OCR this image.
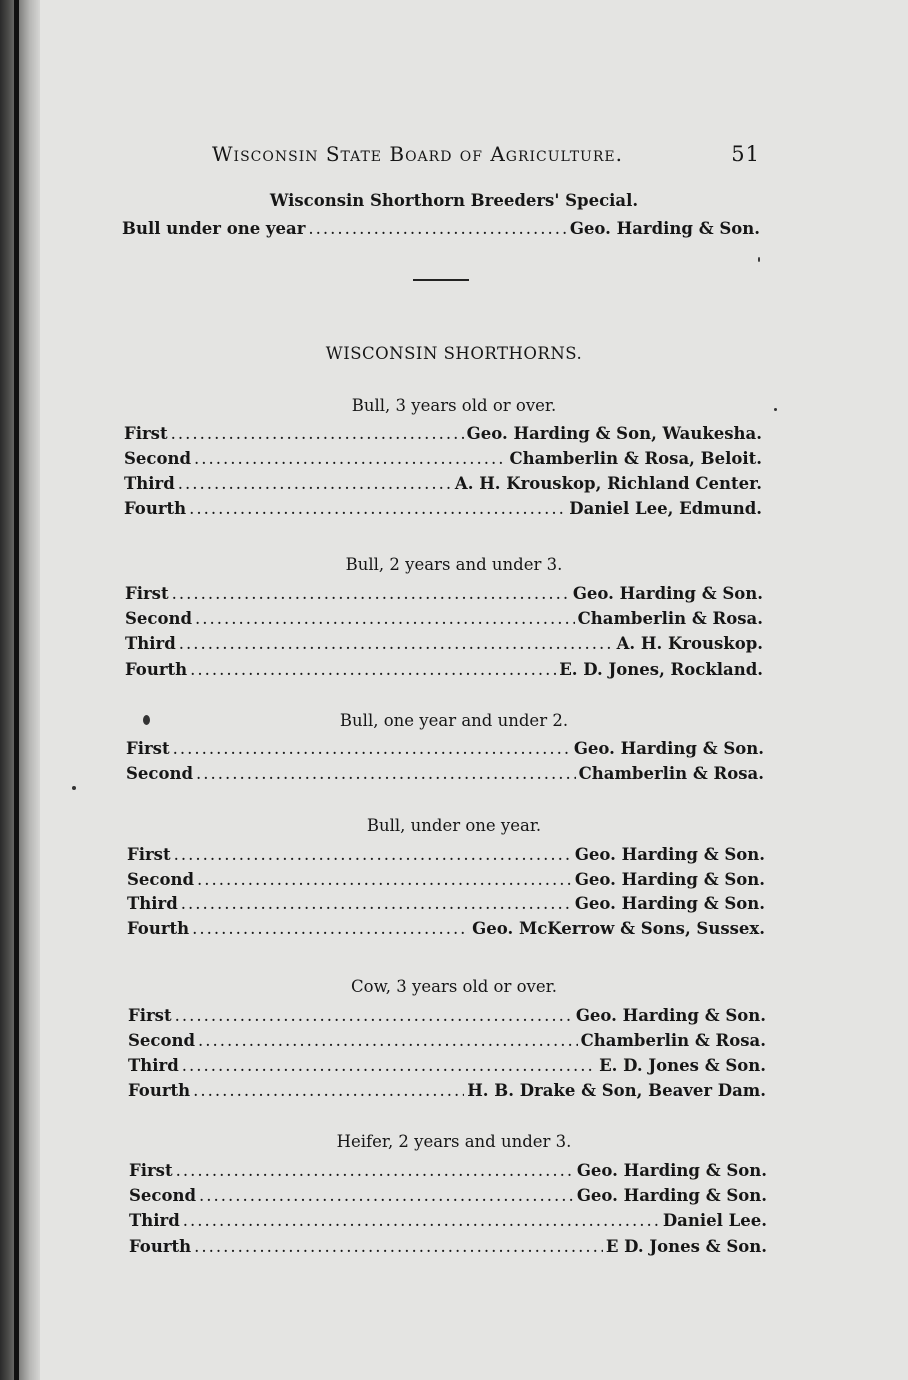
Wisconsin State Board of Agriculture.	51
Wisconsin Shorthorn Breeders' Special.
Bull under one year .....	Geo. Harding & Son.
WISCONSIN SHORTHORNS.
Bull, 3 years old or over.
First .....	Geo. Harding & Son, Waukesha.
Second .....	Chamberlin & Rosa, Beloit.
Third .....	A. H. Krouskop, Richland Center.
Fourth .....	Daniel Lee, Edmund.
Bull, 2 years and under 3.
First .....	Geo. Harding & Son.
Second .....	Chamberlin & Rosa.
Third .....	A. H. Krouskop.
Fourth .....	E. D. Jones, Rockland.
Bull, one year and under 2.
First .....	Geo. Harding & Son.
Second .....	Chamberlin & Rosa.
Bull, under one year.
First .....	Geo. Harding & Son.
Second .....	Geo. Harding & Son.
Third .....	Geo. Harding & Son.
Fourth .....	Geo. McKerrow & Sons, Sussex.
Cow, 3 years old or over.
First .....	Geo. Harding & Son.
Second .....	Chamberlin & Rosa.
Third .....	E. D. Jones & Son.
Fourth .....	H. B. Drake & Son, Beaver Dam.
Heifer, 2 years and under 3.
First .....	Geo. Harding & Son.
Second .....	Geo. Harding & Son.
Third .....	Daniel Lee.
Fourth .....	E D. Jones & Son.
